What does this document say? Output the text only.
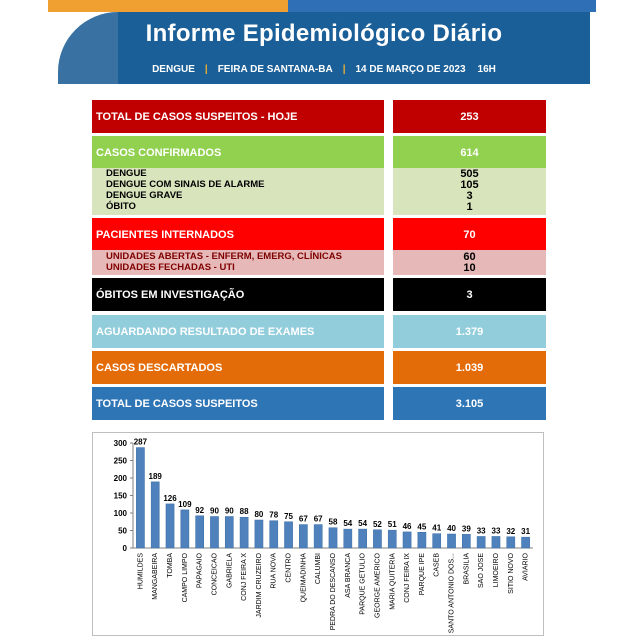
Informe Epidemiológico Diário
DENGUE | FEIRA DE SANTANA-BA | 14 DE MARÇO DE 2023 16H
TOTAL DE CASOS SUSPEITOS - HOJE	253
CASOS CONFIRMADOS	614
DENGUE	505
DENGUE COM SINAIS DE ALARME	105
DENGUE GRAVE	3
ÓBITO	1
PACIENTES INTERNADOS	70
UNIDADES ABERTAS - ENFERM, EMERG, CLÍNICAS	60
UNIDADES FECHADAS - UTI	10
ÓBITOS EM INVESTIGAÇÃO	3
AGUARDANDO RESULTADO DE EXAMES	1.379
CASOS DESCARTADOS	1.039
TOTAL DE CASOS SUSPEITOS	3.105
0
50
100
150
200
250
300 287
189
126
109
92 90 90 88 80 78 75 67 67 58 54 54 52 51 46 45 41 40 39 33 33 32 31
HUMILDES MANGABEIRA TOMBA CAMPO LIMPO PAPAGAIO CONCEICAO GABRIELA CONJ FEIRA X JARDIM CRUZEIRO RUA NOVA CENTRO QUEIMADINHA CALUMBI PEDRA DO DESCANSO ASA BRANCA PARQUE GETULIO GEORGE AMERICO MARIA QUITERIA CONJ FEIRA IX PARQUE IPE CASEB SANTO ANTONIO DOS... BRASILIA SAO JOSE LIMOEIRO SITIO NOVO AVIARIO
